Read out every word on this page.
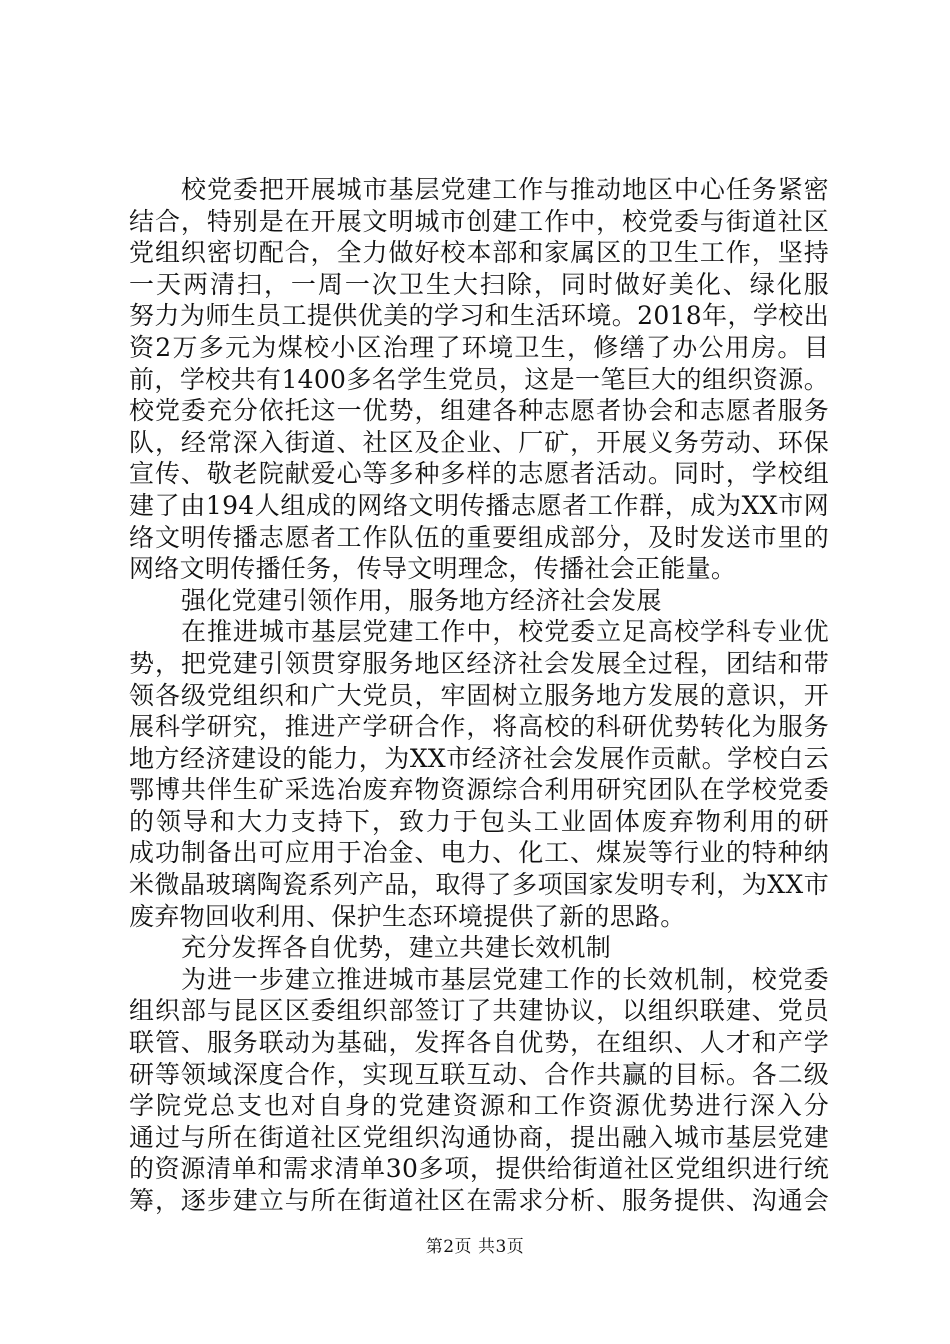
校党委把开展城市基层党建工作与推动地区中心任务紧密
结合，特别是在开展文明城市创建工作中，校党委与街道社区
党组织密切配合，全力做好校本部和家属区的卫生工作，坚持
一天两清扫，一周一次卫生大扫除，同时做好美化、绿化服
努力为师生员工提供优美的学习和生活环境。2018年，学校出
资2万多元为煤校小区治理了环境卫生，修缮了办公用房。目
前，学校共有1400多名学生党员，这是一笔巨大的组织资源。
校党委充分依托这一优势，组建各种志愿者协会和志愿者服务
队，经常深入街道、社区及企业、厂矿，开展义务劳动、环保
宣传、敬老院献爱心等多种多样的志愿者活动。同时，学校组
建了由194人组成的网络文明传播志愿者工作群，成为XX市网
络文明传播志愿者工作队伍的重要组成部分，及时发送市里的
网络文明传播任务，传导文明理念，传播社会正能量。
强化党建引领作用，服务地方经济社会发展
在推进城市基层党建工作中，校党委立足高校学科专业优
势，把党建引领贯穿服务地区经济社会发展全过程，团结和带
领各级党组织和广大党员，牢固树立服务地方发展的意识，开
展科学研究，推进产学研合作，将高校的科研优势转化为服务
地方经济建设的能力，为XX市经济社会发展作贡献。学校白云
鄂博共伴生矿采选冶废弃物资源综合利用研究团队在学校党委
的领导和大力支持下，致力于包头工业固体废弃物利用的研
成功制备出可应用于冶金、电力、化工、煤炭等行业的特种纳
米微晶玻璃陶瓷系列产品，取得了多项国家发明专利，为XX市
废弃物回收利用、保护生态环境提供了新的思路。
充分发挥各自优势，建立共建长效机制
为进一步建立推进城市基层党建工作的长效机制，校党委
组织部与昆区区委组织部签订了共建协议，以组织联建、党员
联管、服务联动为基础，发挥各自优势，在组织、人才和产学
研等领域深度合作，实现互联互动、合作共赢的目标。各二级
学院党总支也对自身的党建资源和工作资源优势进行深入分
通过与所在街道社区党组织沟通协商，提出融入城市基层党建
的资源清单和需求清单30多项，提供给街道社区党组织进行统
筹，逐步建立与所在街道社区在需求分析、服务提供、沟通会
第2页 共3页
